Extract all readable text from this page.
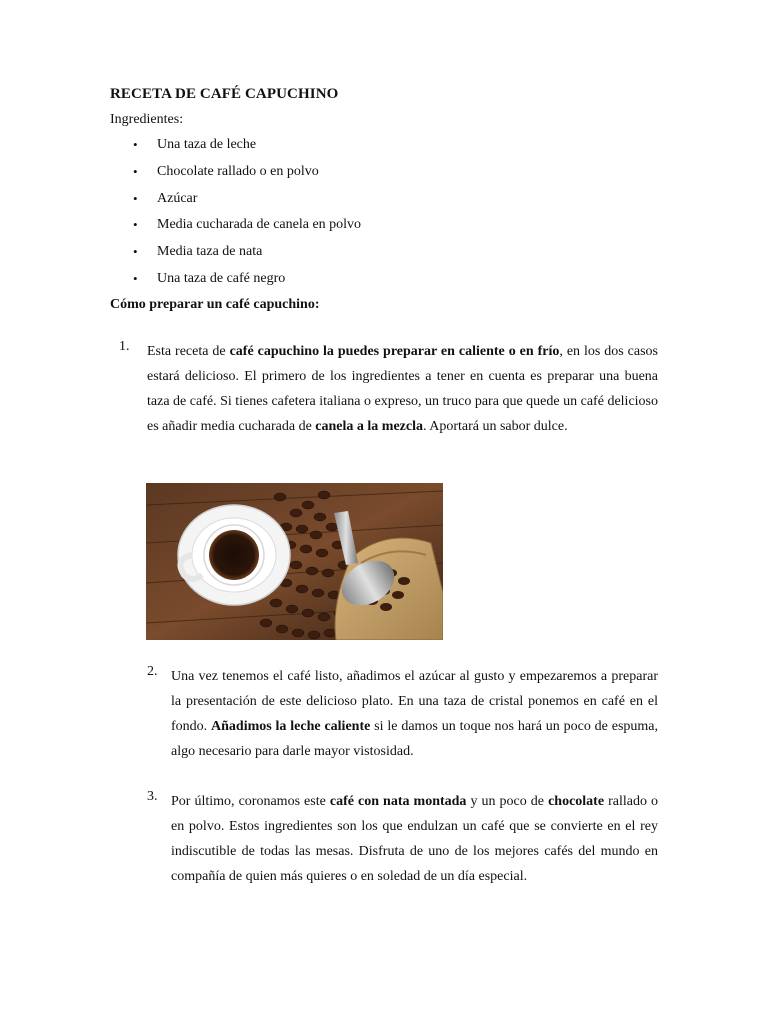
RECETA DE CAFÉ CAPUCHINO
Ingredientes:
• Una taza de leche
• Chocolate rallado o en polvo
• Azúcar
• Media cucharada de canela en polvo
• Media taza de nata
• Una taza de café negro
Cómo preparar un café capuchino:
1. Esta receta de café capuchino la puedes preparar en caliente o en frío, en los dos casos estará delicioso. El primero de los ingredientes a tener en cuenta es preparar una buena taza de café. Si tienes cafetera italiana o expreso, un truco para que quede un café delicioso es añadir media cucharada de canela a la mezcla. Aportará un sabor dulce.
2. Una vez tenemos el café listo, añadimos el azúcar al gusto y empezaremos a preparar la presentación de este delicioso plato. En una taza de cristal ponemos en café en el fondo. Añadimos la leche caliente si le damos un toque nos hará un poco de espuma, algo necesario para darle mayor vistosidad.
3. Por último, coronamos este café con nata montada y un poco de chocolate rallado o en polvo. Estos ingredientes son los que endulzan un café que se convierte en el rey indiscutible de todas las mesas. Disfruta de uno de los mejores cafés del mundo en compañía de quien más quieres o en soledad de un día especial.
